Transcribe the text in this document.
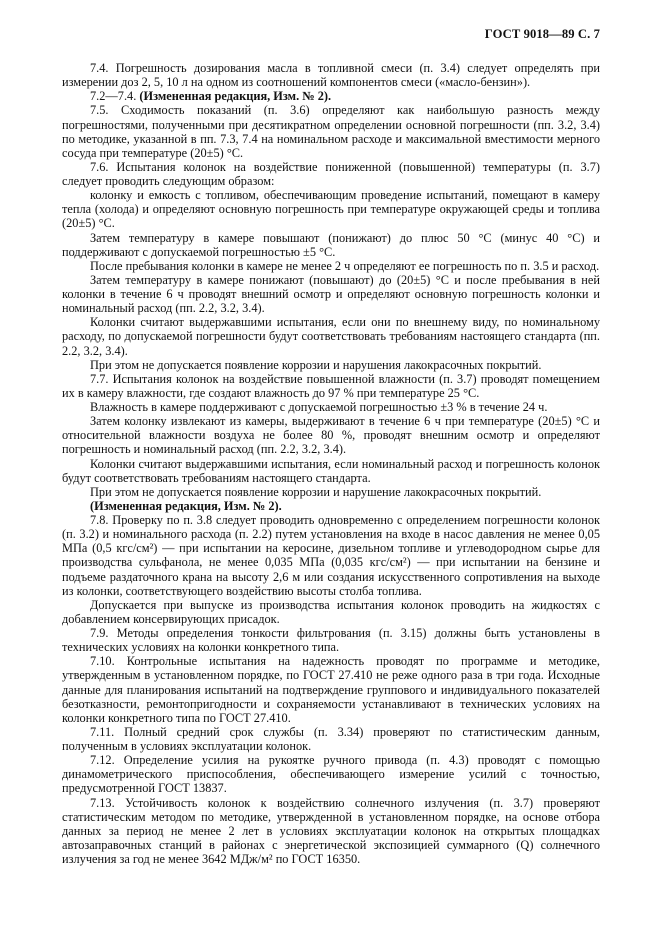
ГОСТ 9018—89 С. 7

7.4. Погрешность дозирования масла в топливной смеси (п. 3.4) следует определять при измерении доз 2, 5, 10 л на одном из соотношений компонентов смеси («масло-бензин»).

7.2—7.4. (Измененная редакция, Изм. № 2).

7.5. Сходимость показаний (п. 3.6) определяют как наибольшую разность между погрешностями, полученными при десятикратном определении основной погрешности (пп. 3.2, 3.4) по методике, указанной в пп. 7.3, 7.4 на номинальном расходе и максимальной вместимости мерного сосуда при температуре (20±5) °С.

7.6. Испытания колонок на воздействие пониженной (повышенной) температуры (п. 3.7) следует проводить следующим образом:

колонку и емкость с топливом, обеспечивающим проведение испытаний, помещают в камеру тепла (холода) и определяют основную погрешность при температуре окружающей среды и топлива (20±5) °С.

Затем температуру в камере повышают (понижают) до плюс 50 °С (минус 40 °С) и поддерживают с допускаемой погрешностью ±5 °С.

После пребывания колонки в камере не менее 2 ч определяют ее погрешность по п. 3.5 и расход.

Затем температуру в камере понижают (повышают) до (20±5) °С и после пребывания в ней колонки в течение 6 ч проводят внешний осмотр и определяют основную погрешность колонки и номинальный расход (пп. 2.2, 3.2, 3.4).

Колонки считают выдержавшими испытания, если они по внешнему виду, по номинальному расходу, по допускаемой погрешности будут соответствовать требованиям настоящего стандарта (пп. 2.2, 3.2, 3.4).

При этом не допускается появление коррозии и нарушения лакокрасочных покрытий.

7.7. Испытания колонок на воздействие повышенной влажности (п. 3.7) проводят помещением их в камеру влажности, где создают влажность до 97 % при температуре 25 °С.

Влажность в камере поддерживают с допускаемой погрешностью ±3 % в течение 24 ч.

Затем колонку извлекают из камеры, выдерживают в течение 6 ч при температуре (20±5) °С и относительной влажности воздуха не более 80 %, проводят внешним осмотр и определяют погрешность и номинальный расход (пп. 2.2, 3.2, 3.4).

Колонки считают выдержавшими испытания, если номинальный расход и погрешность колонок будут соответствовать требованиям настоящего стандарта.

При этом не допускается появление коррозии и нарушение лакокрасочных покрытий.

(Измененная редакция, Изм. № 2).

7.8. Проверку по п. 3.8 следует проводить одновременно с определением погрешности колонок (п. 3.2) и номинального расхода (п. 2.2) путем установления на входе в насос давления не менее 0,05 МПа (0,5 кгс/см²) — при испытании на керосине, дизельном топливе и углеводородном сырье для производства сульфанола, не менее 0,035 МПа (0,035 кгс/см²) — при испытании на бензине и подъеме раздаточного крана на высоту 2,6 м или создания искусственного сопротивления на выходе из колонки, соответствующего воздействию высоты столба топлива.

Допускается при выпуске из производства испытания колонок проводить на жидкостях с добавлением консервирующих присадок.

7.9. Методы определения тонкости фильтрования (п. 3.15) должны быть установлены в технических условиях на колонки конкретного типа.

7.10. Контрольные испытания на надежность проводят по программе и методике, утвержденным в установленном порядке, по ГОСТ 27.410 не реже одного раза в три года. Исходные данные для планирования испытаний на подтверждение группового и индивидуального показателей безотказности, ремонтопригодности и сохраняемости устанавливают в технических условиях на колонки конкретного типа по ГОСТ 27.410.

7.11. Полный средний срок службы (п. 3.34) проверяют по статистическим данным, полученным в условиях эксплуатации колонок.

7.12. Определение усилия на рукоятке ручного привода (п. 4.3) проводят с помощью динамометрического приспособления, обеспечивающего измерение усилий с точностью, предусмотренной ГОСТ 13837.

7.13. Устойчивость колонок к воздействию солнечного излучения (п. 3.7) проверяют статистическим методом по методике, утвержденной в установленном порядке, на основе отбора данных за период не менее 2 лет в условиях эксплуатации колонок на открытых площадках автозаправочных станций в районах с энергетической экспозицией суммарного (Q) солнечного излучения за год не менее 3642 МДж/м² по ГОСТ 16350.
